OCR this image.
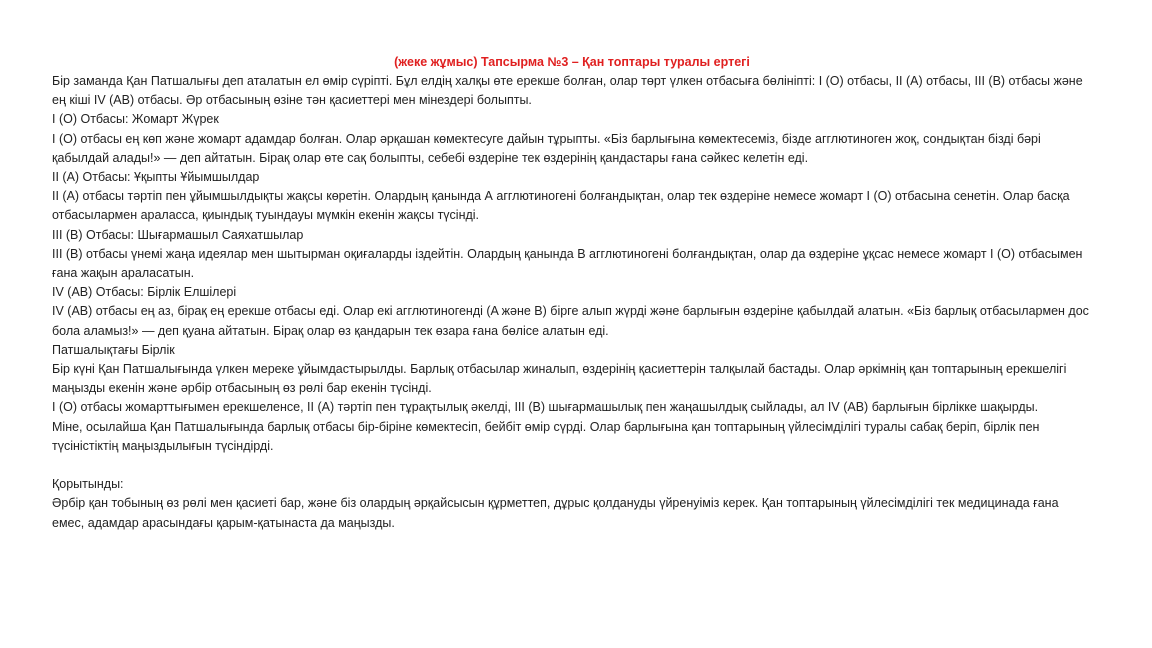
(жеке жұмыс) Тапсырма №3 – Қан топтары туралы ертегі

Бір заманда Қан Патшалығы деп аталатын ел өмір сүріпті. Бұл елдің халқы өте ерекше болған, олар төрт үлкен отбасыға бөлініпті: I (O) отбасы, II (A) отбасы, III (B) отбасы және ең кіші IV (AB) отбасы. Әр отбасының өзіне тән қасиеттері мен мінездері болыпты.

I (O) Отбасы: Жомарт Жүрек

I (O) отбасы ең көп және жомарт адамдар болған. Олар әрқашан көмектесуге дайын тұрыпты. «Біз барлығына көмектесеміз, бізде агглютиноген жоқ, сондықтан бізді бәрі қабылдай алады!» — деп айтатын. Бірақ олар өте сақ болыпты, себебі өздеріне тек өздерінің қандастары ғана сәйкес келетін еді.

II (A) Отбасы: Ұқыпты Ұйымшылдар

II (A) отбасы тәртіп пен ұйымшылдықты жақсы көретін. Олардың қанында А агглютиногені болғандықтан, олар тек өздеріне немесе жомарт I (O) отбасына сенетін. Олар басқа отбасылармен араласса, қиындық туындауы мүмкін екенін жақсы түсінді.

III (B) Отбасы: Шығармашыл Саяхатшылар

III (B) отбасы үнемі жаңа идеялар мен шытырман оқиғаларды іздейтін. Олардың қанында B агглютиногені болғандықтан, олар да өздеріне ұқсас немесе жомарт I (O) отбасымен ғана жақын араласатын.

IV (AB) Отбасы: Бірлік Елшілері

IV (AB) отбасы ең аз, бірақ ең ерекше отбасы еді. Олар екі агглютиногенді (A және B) бірге алып жүрді және барлығын өздеріне қабылдай алатын. «Біз барлық отбасылармен дос бола аламыз!» — деп қуана айтатын. Бірақ олар өз қандарын тек өзара ғана бөлісе алатын еді.

Патшалықтағы Бірлік

Бір күні Қан Патшалығында үлкен мереке ұйымдастырылды. Барлық отбасылар жиналып, өздерінің қасиеттерін талқылай бастады. Олар әркімнің қан топтарының ерекшелігі маңызды екенін және әрбір отбасының өз рөлі бар екенін түсінді.

I (O) отбасы жомарттығымен ерекшеленсе, II (A) тәртіп пен тұрақтылық әкелді, III (B) шығармашылық пен жаңашылдық сыйлады, ал IV (AB) барлығын бірлікке шақырды.

Міне, осылайша Қан Патшалығында барлық отбасы бір-біріне көмектесіп, бейбіт өмір сүрді. Олар барлығына қан топтарының үйлесімділігі туралы сабақ беріп, бірлік пен түсіністіктің маңыздылығын түсіндірді.

Қорытынды:

Әрбір қан тобының өз рөлі мен қасиеті бар, және біз олардың әрқайсысын құрметтеп, дұрыс қолдануды үйренуіміз керек. Қан топтарының үйлесімділігі тек медицинада ғана емес, адамдар арасындағы қарым-қатынаста да маңызды.
